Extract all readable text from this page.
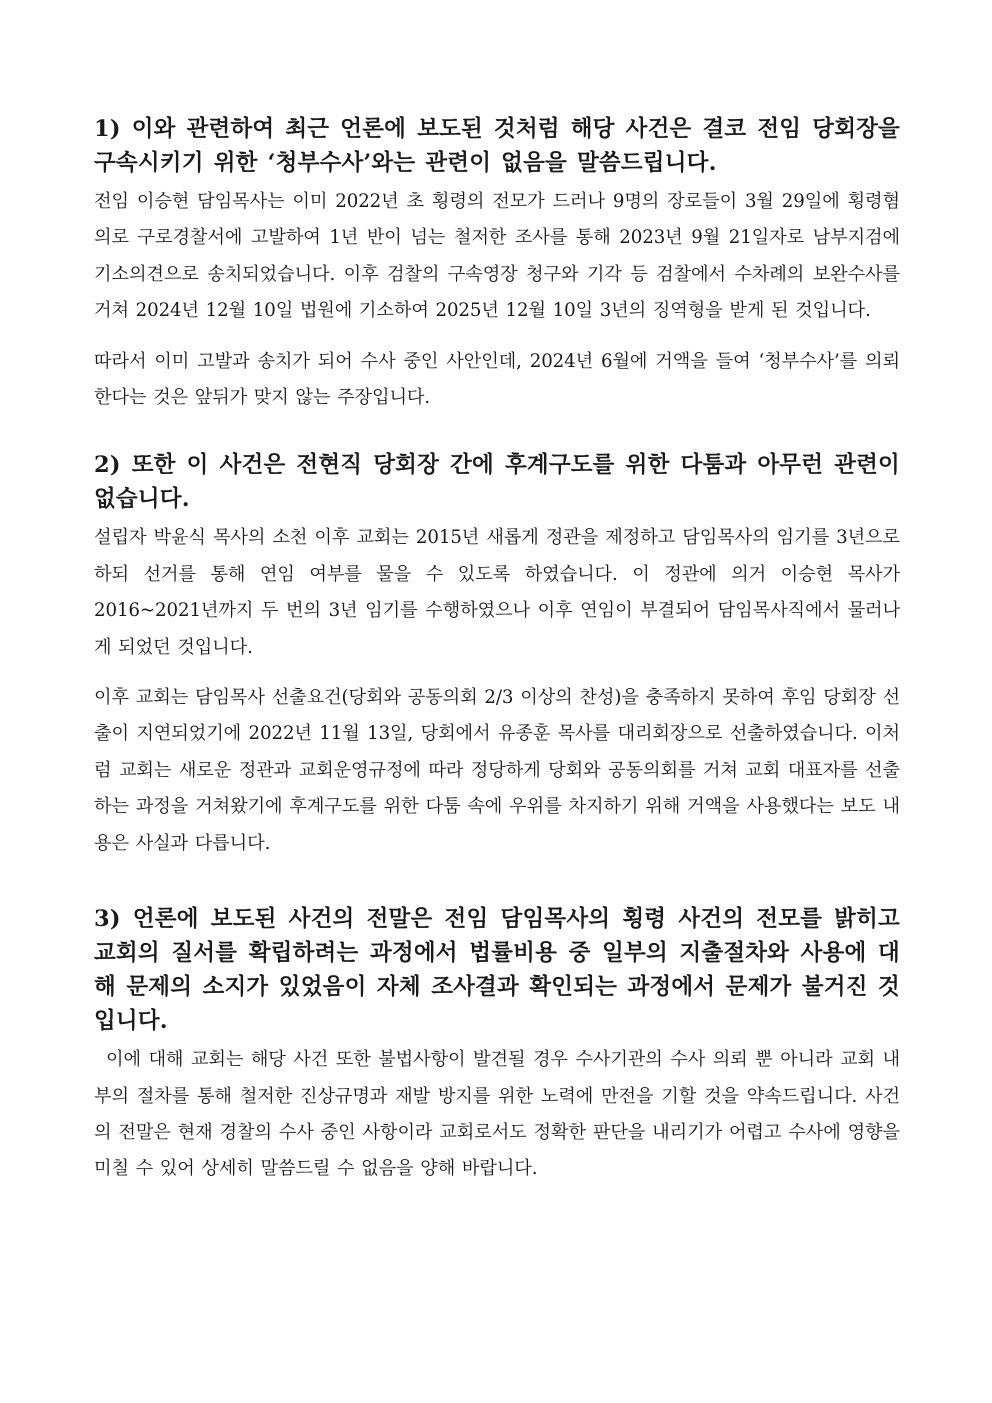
1) 이와 관련하여 최근 언론에 보도된 것처럼 해당 사건은 결코 전임 당회장을 구속시키기 위한 ‘청부수사’와는 관련이 없음을 말씀드립니다.

전임 이승현 담임목사는 이미 2022년 초 횡령의 전모가 드러나 9명의 장로들이 3월 29일에 횡령혐의로 구로경찰서에 고발하여 1년 반이 넘는 철저한 조사를 통해 2023년 9월 21일자로 남부지검에 기소의견으로 송치되었습니다. 이후 검찰의 구속영장 청구와 기각 등 검찰에서 수차례의 보완수사를 거쳐 2024년 12월 10일 법원에 기소하여 2025년 12월 10일 3년의 징역형을 받게 된 것입니다.

따라서 이미 고발과 송치가 되어 수사 중인 사안인데, 2024년 6월에 거액을 들여 ‘청부수사’를 의뢰한다는 것은 앞뒤가 맞지 않는 주장입니다.

2) 또한 이 사건은 전현직 당회장 간에 후계구도를 위한 다툼과 아무런 관련이 없습니다.

설립자 박윤식 목사의 소천 이후 교회는 2015년 새롭게 정관을 제정하고 담임목사의 임기를 3년으로 하되 선거를 통해 연임 여부를 물을 수 있도록 하였습니다. 이 정관에 의거 이승현 목사가 2016~2021년까지 두 번의 3년 임기를 수행하였으나 이후 연임이 부결되어 담임목사직에서 물러나게 되었던 것입니다.

이후 교회는 담임목사 선출요건(당회와 공동의회 2/3 이상의 찬성)을 충족하지 못하여 후임 당회장 선출이 지연되었기에 2022년 11월 13일, 당회에서 유종훈 목사를 대리회장으로 선출하였습니다. 이처럼 교회는 새로운 정관과 교회운영규정에 따라 정당하게 당회와 공동의회를 거쳐 교회 대표자를 선출하는 과정을 거쳐왔기에 후계구도를 위한 다툼 속에 우위를 차지하기 위해 거액을 사용했다는 보도 내용은 사실과 다릅니다.

3) 언론에 보도된 사건의 전말은 전임 담임목사의 횡령 사건의 전모를 밝히고 교회의 질서를 확립하려는 과정에서 법률비용 중 일부의 지출절차와 사용에 대해 문제의 소지가 있었음이 자체 조사결과 확인되는 과정에서 문제가 불거진 것입니다.

이에 대해 교회는 해당 사건 또한 불법사항이 발견될 경우 수사기관의 수사 의뢰 뿐 아니라 교회 내부의 절차를 통해 철저한 진상규명과 재발 방지를 위한 노력에 만전을 기할 것을 약속드립니다. 사건의 전말은 현재 경찰의 수사 중인 사항이라 교회로서도 정확한 판단을 내리기가 어렵고 수사에 영향을 미칠 수 있어 상세히 말씀드릴 수 없음을 양해 바랍니다.
